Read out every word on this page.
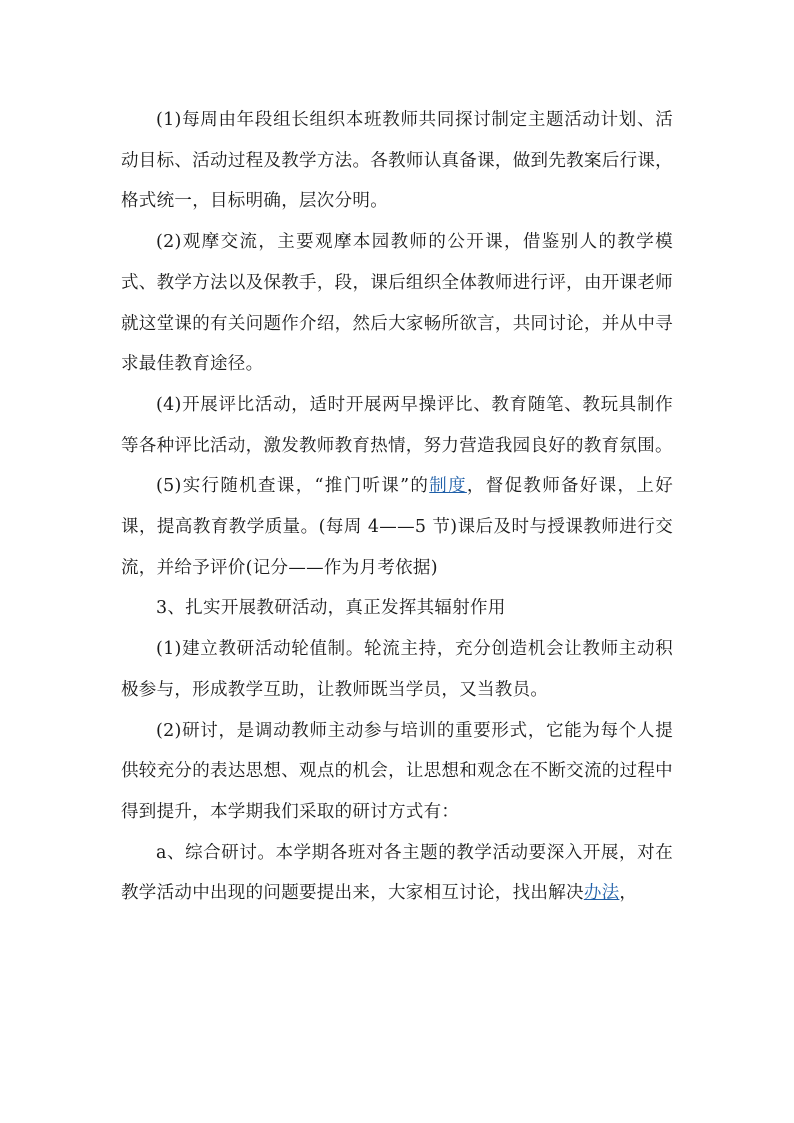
(1)每周由年段组长组织本班教师共同探讨制定主题活动计划、活动目标、活动过程及教学方法。各教师认真备课，做到先教案后行课，格式统一，目标明确，层次分明。

(2)观摩交流，主要观摩本园教师的公开课，借鉴别人的教学模式、教学方法以及保教手，段，课后组织全体教师进行评，由开课老师就这堂课的有关问题作介绍，然后大家畅所欲言，共同讨论，并从中寻求最佳教育途径。

(4)开展评比活动，适时开展两早操评比、教育随笔、教玩具制作等各种评比活动，激发教师教育热情，努力营造我园良好的教育氛围。

(5)实行随机查课，“推门听课”的制度，督促教师备好课，上好课，提高教育教学质量。(每周 4——5 节)课后及时与授课教师进行交流，并给予评价(记分——作为月考依据)

3、扎实开展教研活动，真正发挥其辐射作用

(1)建立教研活动轮值制。轮流主持，充分创造机会让教师主动积极参与，形成教学互助，让教师既当学员，又当教员。

(2)研讨，是调动教师主动参与培训的重要形式，它能为每个人提供较充分的表达思想、观点的机会，让思想和观念在不断交流的过程中得到提升，本学期我们采取的研讨方式有：

a、综合研讨。本学期各班对各主题的教学活动要深入开展，对在教学活动中出现的问题要提出来，大家相互讨论，找出解决办法，
